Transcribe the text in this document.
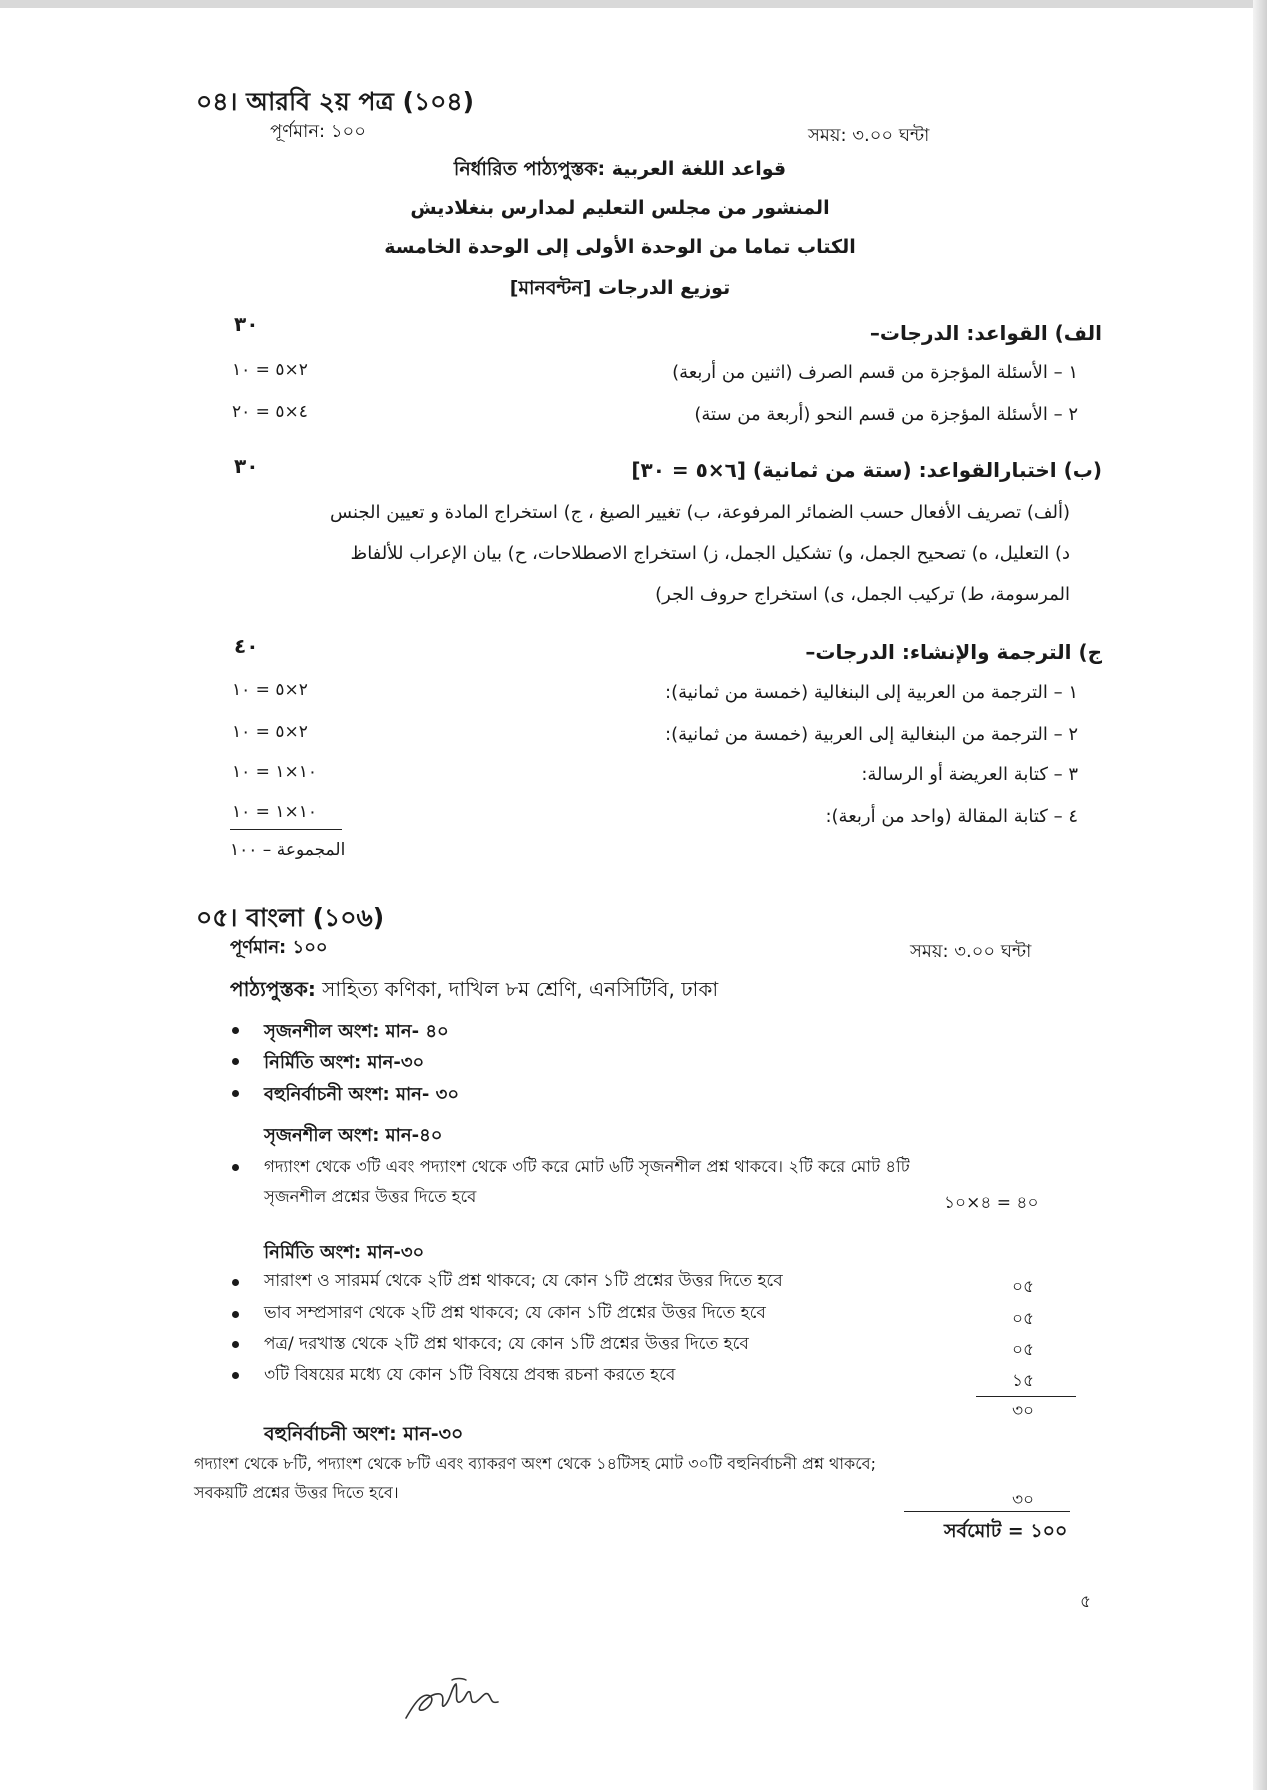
০৪। আরবি ২য় পত্র (১০৪)
পূর্ণমান: ১০০	সময়: ৩.০০ ঘন্টা
নির্ধারিত পাঠ্যপুস্তক: قواعد اللغة العربية
المنشور من مجلس التعليم لمدارس بنغلاديش
الكتاب تماما من الوحدة الأولى إلى الوحدة الخامسة
توزيع الدرجات [মানবন্টন]
٣٠	الف) القواعد: الدرجات–
٢×٥ = ١٠	١ – الأسئلة المؤجزة من قسم الصرف (اثنين من أربعة)
٤×٥ = ٢٠	٢ – الأسئلة المؤجزة من قسم النحو (أربعة من ستة)
٣٠	(ب) اختبارالقواعد: (ستة من ثمانية) [٦×٥ = ٣٠]
(ألف) تصريف الأفعال حسب الضمائر المرفوعة، ب) تغيير الصيغ ، ج) استخراج المادة و تعيين الجنس
د) التعليل، ه) تصحيح الجمل، و) تشكيل الجمل، ز) استخراج الاصطلاحات، ح) بيان الإعراب للألفاظ
المرسومة، ط) تركيب الجمل، ى) استخراج حروف الجر)
٤٠	ج) الترجمة والإنشاء: الدرجات–
٢×٥ = ١٠	١ – الترجمة من العربية إلى البنغالية (خمسة من ثمانية):
٢×٥ = ١٠	٢ – الترجمة من البنغالية إلى العربية (خمسة من ثمانية):
١٠×١ = ١٠	٣ – كتابة العريضة أو الرسالة:
١٠×١ = ١٠	٤ – كتابة المقالة (واحد من أربعة):
المجموعة – ١٠٠
০৫। বাংলা (১০৬)
পূর্ণমান: ১০০	সময়: ৩.০০ ঘন্টা
পাঠ্যপুস্তক: সাহিত্য কণিকা, দাখিল ৮ম শ্রেণি, এনসিটিবি, ঢাকা
সৃজনশীল অংশ: মান- ৪০
নির্মিতি অংশ: মান-৩০
বহুনির্বাচনী অংশ: মান- ৩০
সৃজনশীল অংশ: মান-৪০
গদ্যাংশ থেকে ৩টি এবং পদ্যাংশ থেকে ৩টি করে মোট ৬টি সৃজনশীল প্রশ্ন থাকবে। ২টি করে মোট ৪টি
সৃজনশীল প্রশ্নের উত্তর দিতে হবে	১০×৪ = ৪০
নির্মিতি অংশ: মান-৩০
সারাংশ ও সারমর্ম থেকে ২টি প্রশ্ন থাকবে; যে কোন ১টি প্রশ্নের উত্তর দিতে হবে	০৫
ভাব সম্প্রসারণ থেকে ২টি প্রশ্ন থাকবে; যে কোন ১টি প্রশ্নের উত্তর দিতে হবে	০৫
পত্র/ দরখাস্ত থেকে ২টি প্রশ্ন থাকবে; যে কোন ১টি প্রশ্নের উত্তর দিতে হবে	০৫
৩টি বিষয়ের মধ্যে যে কোন ১টি বিষয়ে প্রবন্ধ রচনা করতে হবে	১৫
৩০
বহুনির্বাচনী অংশ: মান-৩০
গদ্যাংশ থেকে ৮টি, পদ্যাংশ থেকে ৮টি এবং ব্যাকরণ অংশ থেকে ১৪টিসহ মোট ৩০টি বহুনির্বাচনী প্রশ্ন থাকবে;
সবকয়টি প্রশ্নের উত্তর দিতে হবে।	৩০
সর্বমোট = ১০০
৫
